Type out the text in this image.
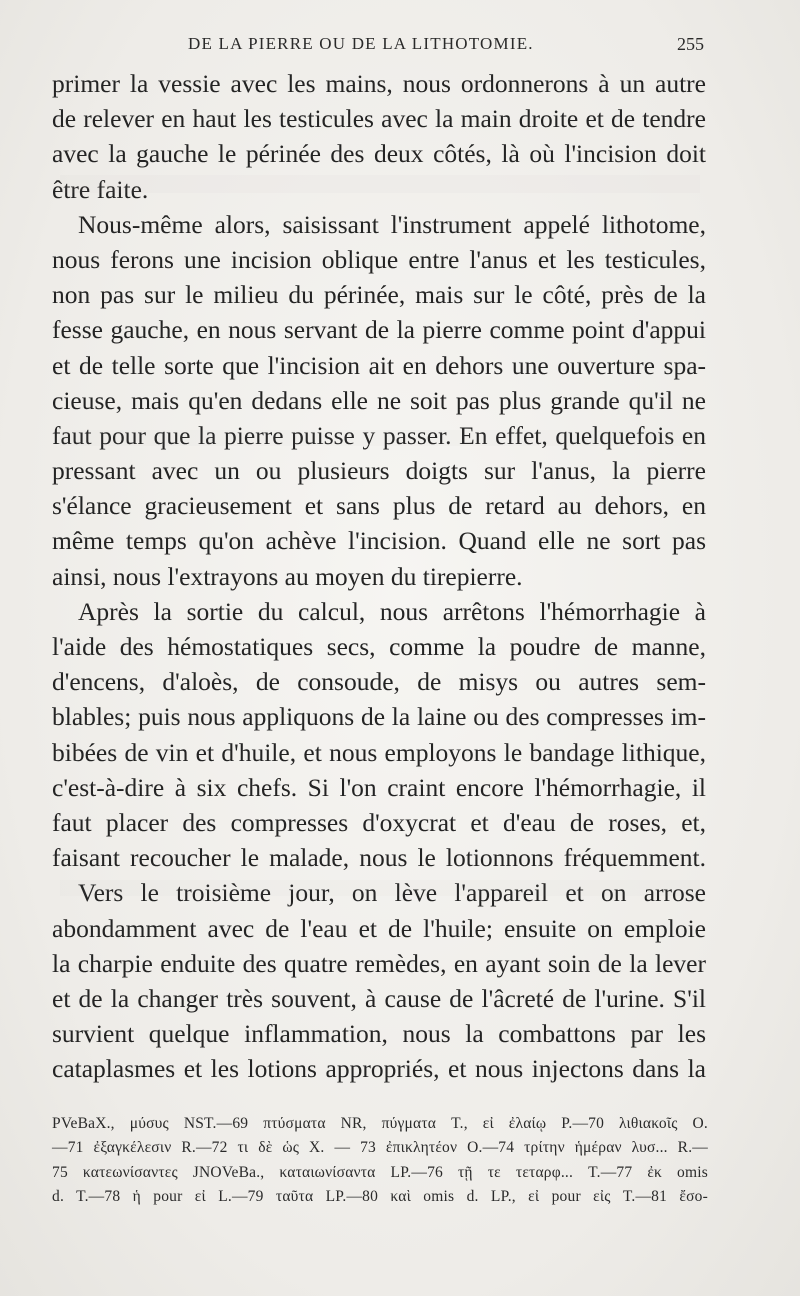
DE LA PIERRE OU DE LA LITHOTOMIE.	255
primer la vessie avec les mains, nous ordonnerons à un autre
de relever en haut les testicules avec la main droite et de tendre
avec la gauche le périnée des deux côtés, là où l'incision doit
être faite.
Nous-même alors, saisissant l'instrument appelé lithotome,
nous ferons une incision oblique entre l'anus et les testicules,
non pas sur le milieu du périnée, mais sur le côté, près de la
fesse gauche, en nous servant de la pierre comme point d'appui
et de telle sorte que l'incision ait en dehors une ouverture spa-
cieuse, mais qu'en dedans elle ne soit pas plus grande qu'il ne
faut pour que la pierre puisse y passer. En effet, quelquefois en
pressant avec un ou plusieurs doigts sur l'anus, la pierre
s'élance gracieusement et sans plus de retard au dehors, en
même temps qu'on achève l'incision. Quand elle ne sort pas
ainsi, nous l'extrayons au moyen du tirepierre.
Après la sortie du calcul, nous arrêtons l'hémorrhagie à
l'aide des hémostatiques secs, comme la poudre de manne,
d'encens, d'aloès, de consoude, de misys ou autres sem-
blables; puis nous appliquons de la laine ou des compresses im-
bibées de vin et d'huile, et nous employons le bandage lithique,
c'est-à-dire à six chefs. Si l'on craint encore l'hémorrhagie, il
faut placer des compresses d'oxycrat et d'eau de roses, et,
faisant recoucher le malade, nous le lotionnons fréquemment.
Vers le troisième jour, on lève l'appareil et on arrose
abondamment avec de l'eau et de l'huile; ensuite on emploie
la charpie enduite des quatre remèdes, en ayant soin de la lever
et de la changer très souvent, à cause de l'âcreté de l'urine. S'il
survient quelque inflammation, nous la combattons par les
cataplasmes et les lotions appropriés, et nous injectons dans la
PVeBaX., μύσυς NST.—69 πτύσματα NR, πύγματα T., εἰ ἐλαίῳ P.—70 λιθιακοῖς O.
—71 ἐξαγκέλεσιν R.—72 τι δὲ ὡς X. — 73 ἐπικλητέον O.—74 τρίτην ἡμέραν λυσ... R.—
75 κατεωνίσαντες JNOVeBa., καταιωνίσαντα LP.—76 τῇ τε τεταρφ... T.—77 ἐκ omis
d. T.—78 ἡ pour εἰ L.—79 ταῦτα LP.—80 καὶ omis d. LP., εἰ pour εἰς T.—81 ἔσο-
